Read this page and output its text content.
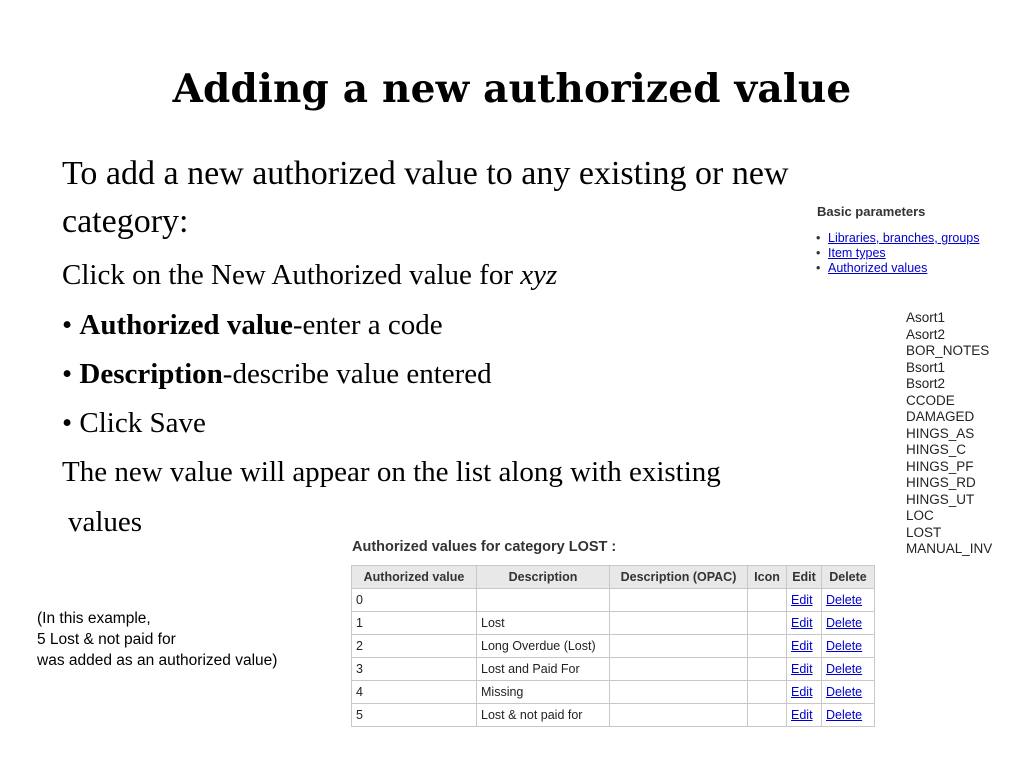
Adding a new authorized value
To add a new authorized value to any existing or new
category:
Click on the New Authorized value for xyz
• Authorized value-enter a code
• Description-describe value entered
• Click Save
The new value will appear on the list along with existing
values
(In this example,
5 Lost & not paid for
was added as an authorized value)
Basic parameters
• Libraries, branches, groups
• Item types
• Authorized values
Asort1
Asort2
BOR_NOTES
Bsort1
Bsort2
CCODE
DAMAGED
HINGS_AS
HINGS_C
HINGS_PF
HINGS_RD
HINGS_UT
LOC
LOST
MANUAL_INV
Authorized values for category LOST :
Authorized value	Description	Description (OPAC)	Icon	Edit	Delete
0				Edit	Delete
1	Lost			Edit	Delete
2	Long Overdue (Lost)			Edit	Delete
3	Lost and Paid For			Edit	Delete
4	Missing			Edit	Delete
5	Lost & not paid for			Edit	Delete
